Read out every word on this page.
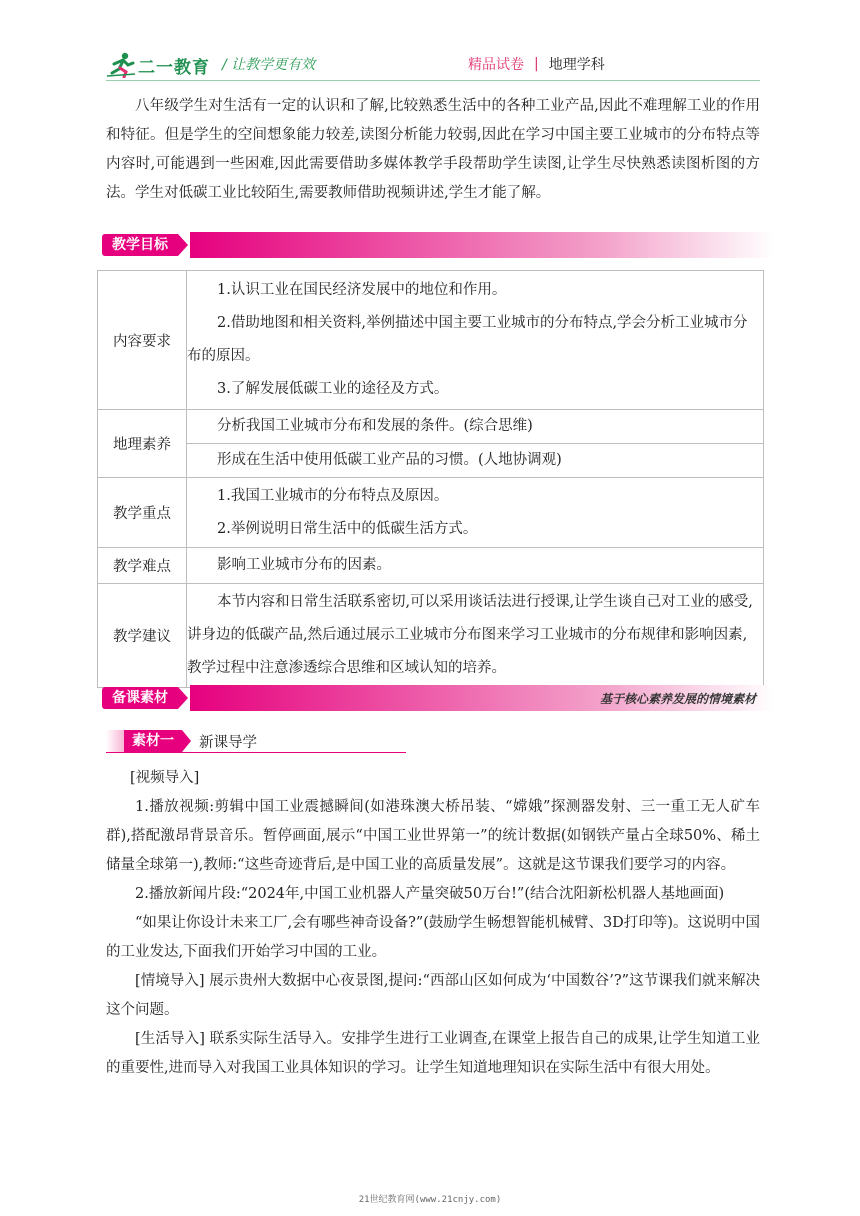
二一教育 / 让教学更有效	精品试卷 | 地理学科

八年级学生对生活有一定的认识和了解,比较熟悉生活中的各种工业产品,因此不难理解工业的作用和特征。但是学生的空间想象能力较差,读图分析能力较弱,因此在学习中国主要工业城市的分布特点等内容时,可能遇到一些困难,因此需要借助多媒体教学手段帮助学生读图,让学生尽快熟悉读图析图的方法。学生对低碳工业比较陌生,需要教师借助视频讲述,学生才能了解。

教学目标
内容要求	1.认识工业在国民经济发展中的地位和作用。
2.借助地图和相关资料,举例描述中国主要工业城市的分布特点,学会分析工业城市分布的原因。
3.了解发展低碳工业的途径及方式。

地理素养	分析我国工业城市分布和发展的条件。(综合思维)

	形成在生活中使用低碳工业产品的习惯。(人地协调观)

教学重点	1.我国工业城市的分布特点及原因。
2.举例说明日常生活中的低碳生活方式。

教学难点	影响工业城市分布的因素。

教学建议	本节内容和日常生活联系密切,可以采用谈话法进行授课,让学生谈自己对工业的感受,讲身边的低碳产品,然后通过展示工业城市分布图来学习工业城市的分布规律和影响因素,教学过程中注意渗透综合思维和区域认知的培养。
备课素材	基于核心素养发展的情境素材
素材一	新课导学

[视频导入]

1.播放视频:剪辑中国工业震撼瞬间(如港珠澳大桥吊装、“嫦娥”探测器发射、三一重工无人矿车群),搭配激昂背景音乐。暂停画面,展示“中国工业世界第一”的统计数据(如钢铁产量占全球50%、稀土储量全球第一),教师:“这些奇迹背后,是中国工业的高质量发展”。这就是这节课我们要学习的内容。

2.播放新闻片段:“2024年,中国工业机器人产量突破50万台!”(结合沈阳新松机器人基地画面)

“如果让你设计未来工厂,会有哪些神奇设备?”(鼓励学生畅想智能机械臂、3D打印等)。这说明中国的工业发达,下面我们开始学习中国的工业。

[情境导入] 展示贵州大数据中心夜景图,提问:“西部山区如何成为‘中国数谷’?”这节课我们就来解决这个问题。

[生活导入] 联系实际生活导入。安排学生进行工业调查,在课堂上报告自己的成果,让学生知道工业的重要性,进而导入对我国工业具体知识的学习。让学生知道地理知识在实际生活中有很大用处。

21世纪教育网(www.21cnjy.com)
